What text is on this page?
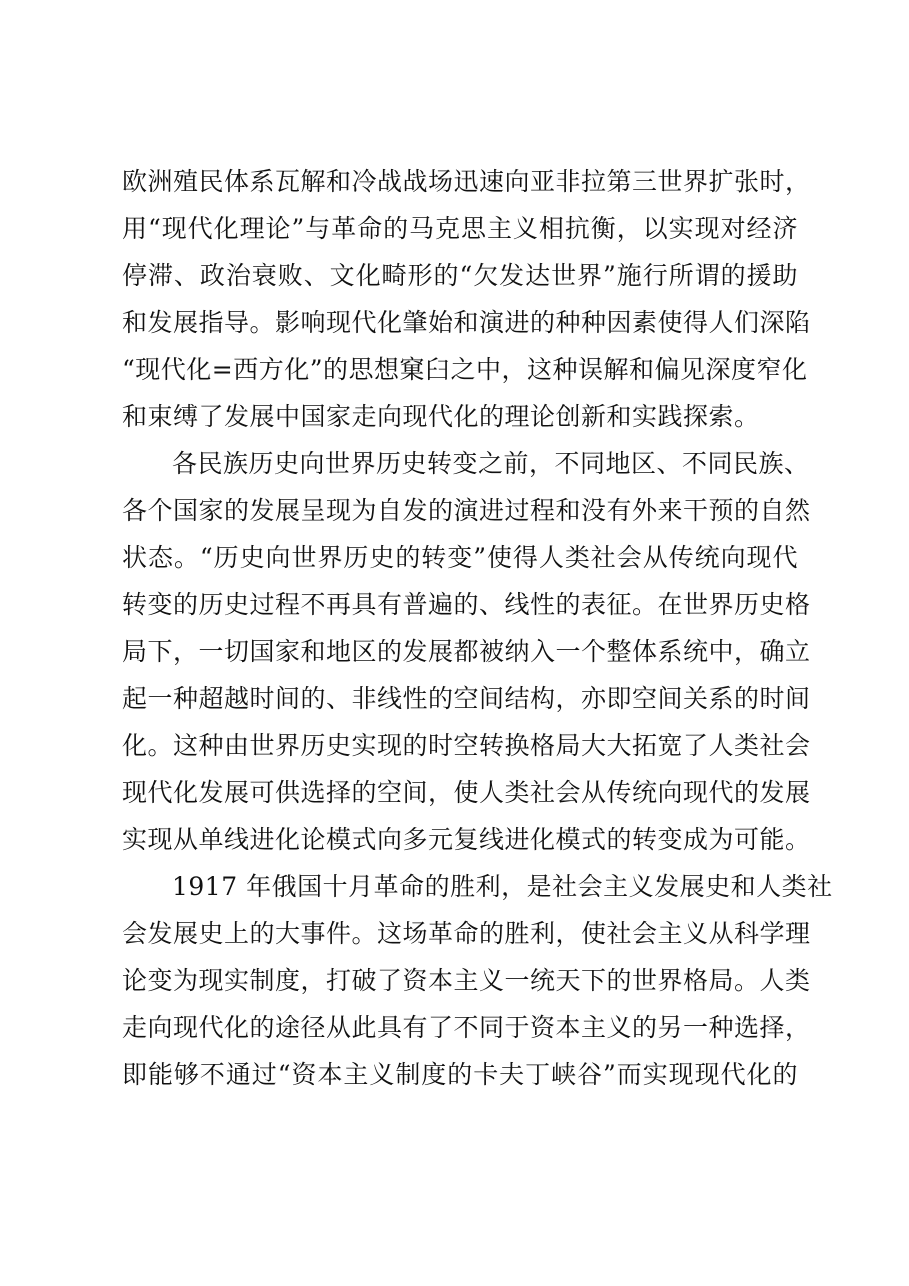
欧洲殖民体系瓦解和冷战战场迅速向亚非拉第三世界扩张时，
用“现代化理论”与革命的马克思主义相抗衡，以实现对经济
停滞、政治衰败、文化畸形的“欠发达世界”施行所谓的援助
和发展指导。影响现代化肇始和演进的种种因素使得人们深陷
“现代化=西方化”的思想窠臼之中，这种误解和偏见深度窄化
和束缚了发展中国家走向现代化的理论创新和实践探索。
各民族历史向世界历史转变之前，不同地区、不同民族、
各个国家的发展呈现为自发的演进过程和没有外来干预的自然
状态。“历史向世界历史的转变”使得人类社会从传统向现代
转变的历史过程不再具有普遍的、线性的表征。在世界历史格
局下，一切国家和地区的发展都被纳入一个整体系统中，确立
起一种超越时间的、非线性的空间结构，亦即空间关系的时间
化。这种由世界历史实现的时空转换格局大大拓宽了人类社会
现代化发展可供选择的空间，使人类社会从传统向现代的发展
实现从单线进化论模式向多元复线进化模式的转变成为可能。
1917 年俄国十月革命的胜利，是社会主义发展史和人类社
会发展史上的大事件。这场革命的胜利，使社会主义从科学理
论变为现实制度，打破了资本主义一统天下的世界格局。人类
走向现代化的途径从此具有了不同于资本主义的另一种选择，
即能够不通过“资本主义制度的卡夫丁峡谷”而实现现代化的
